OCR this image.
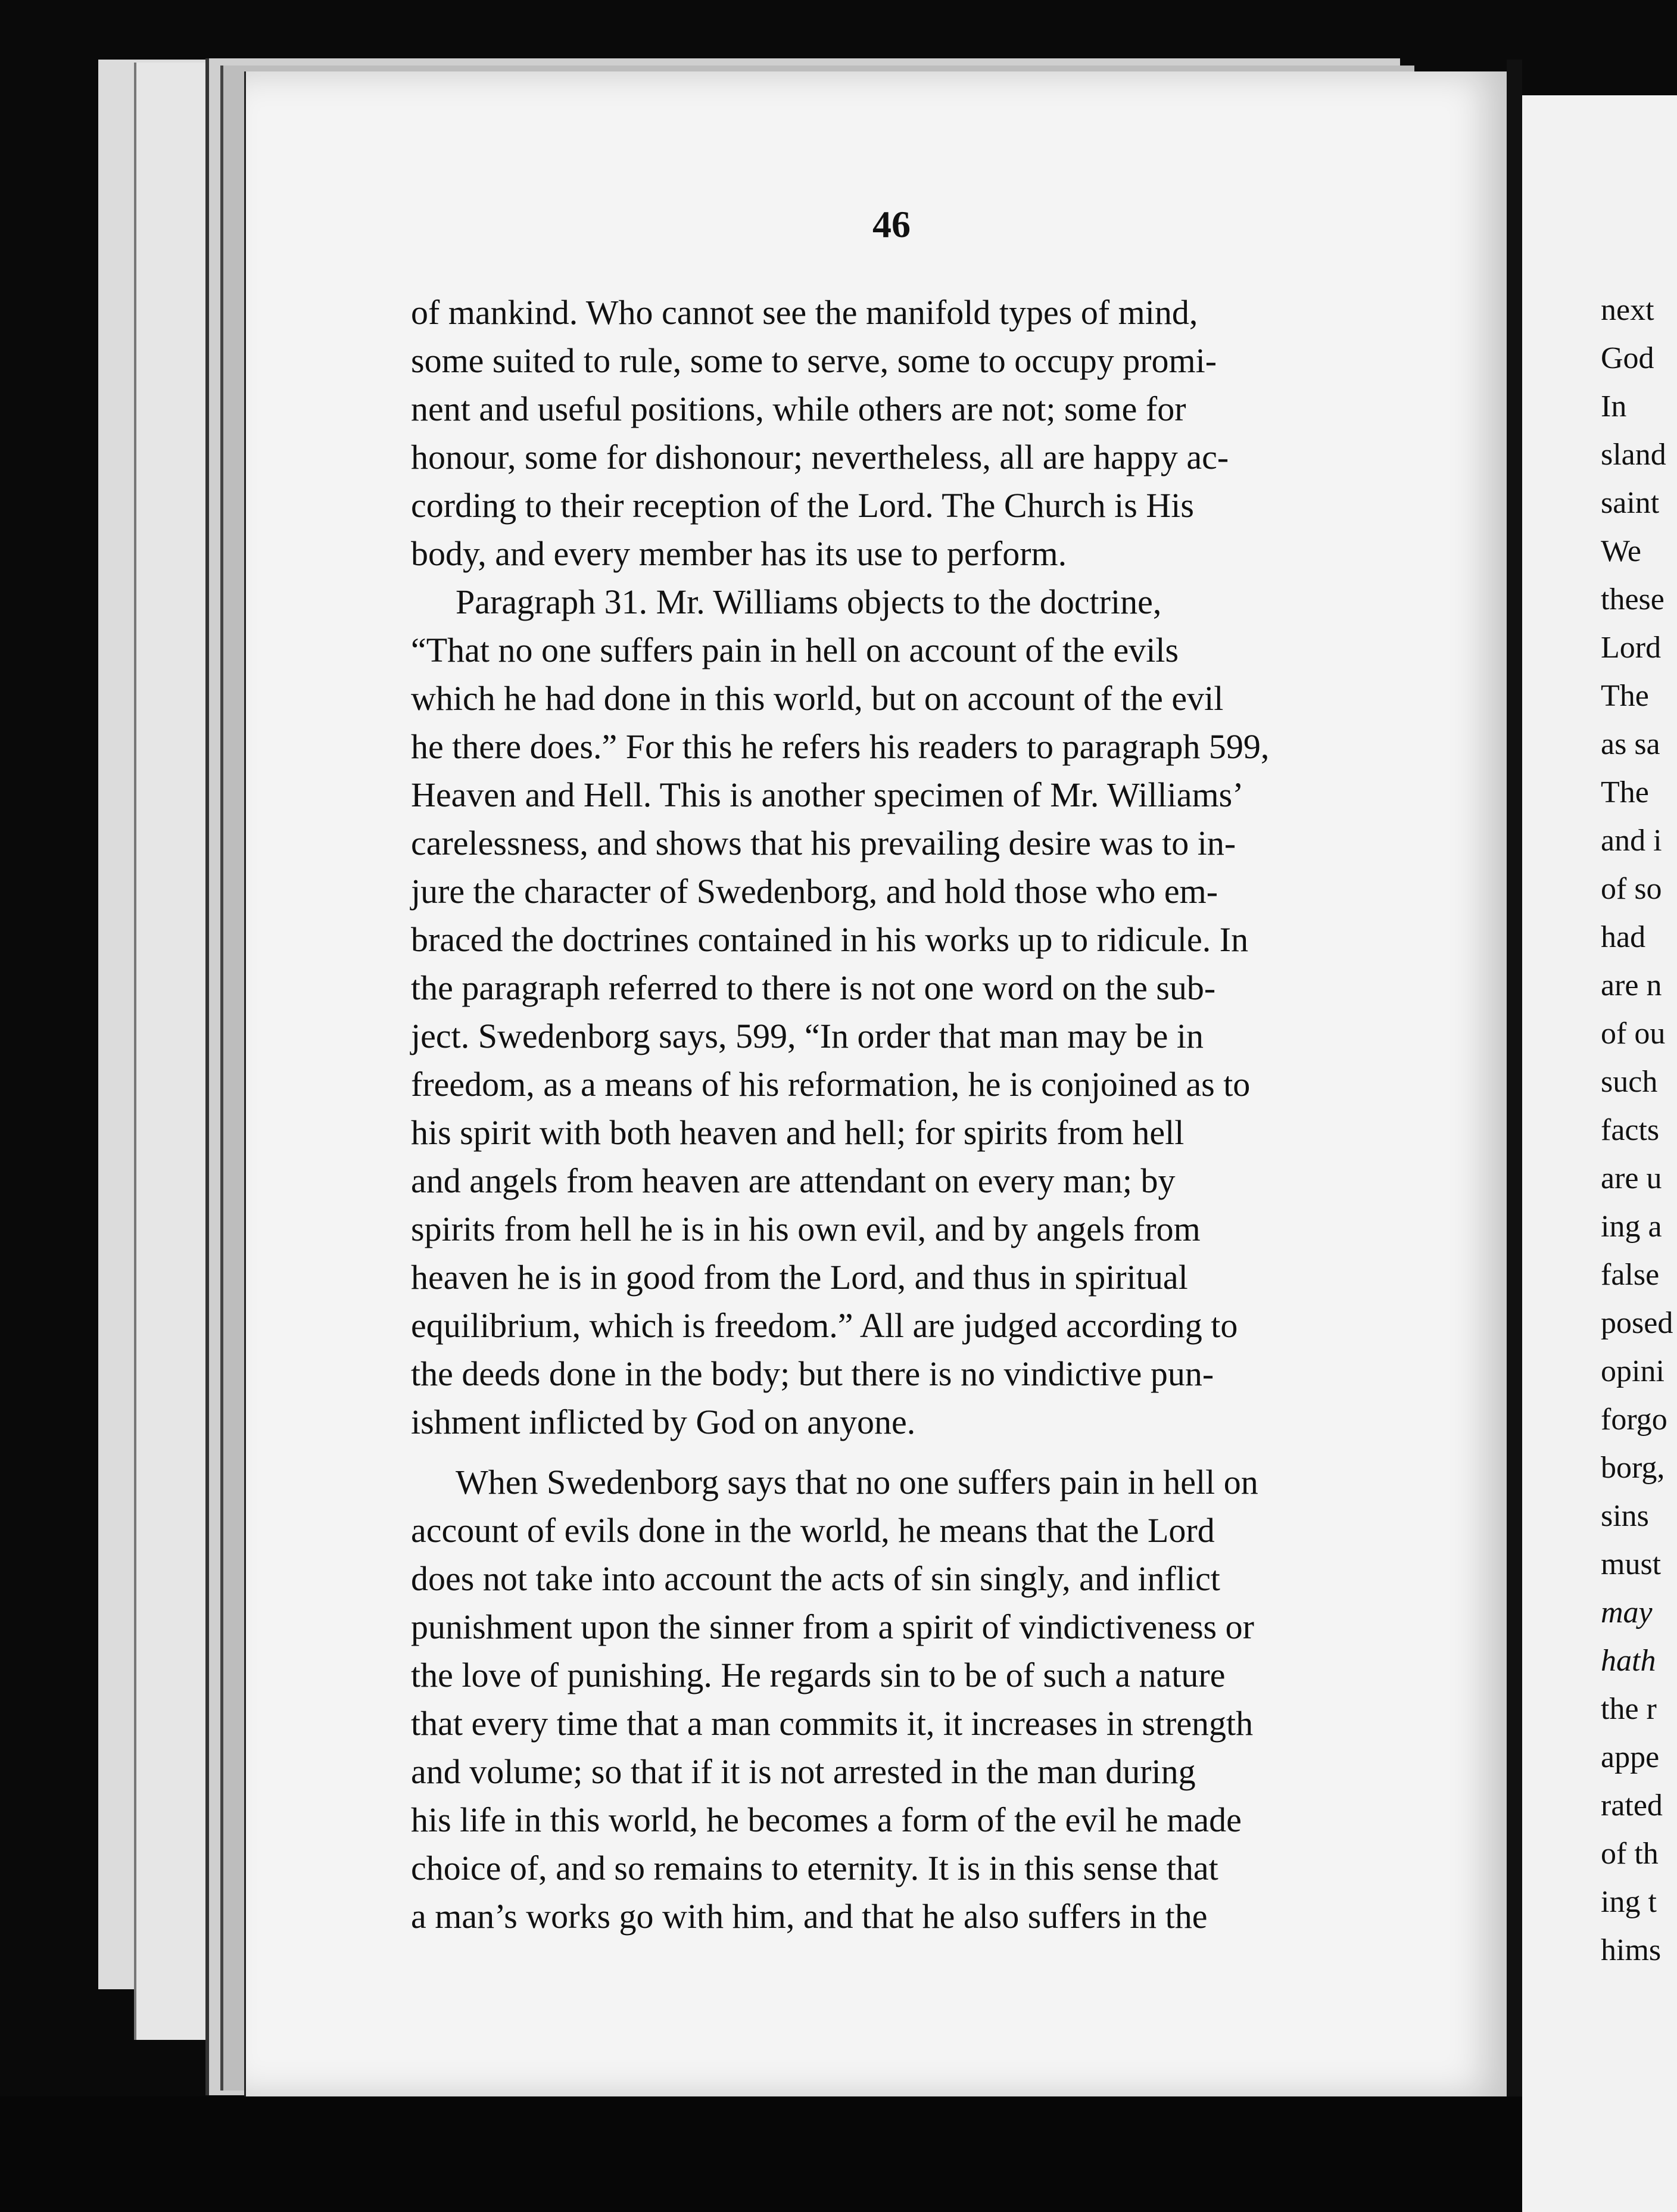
46
of mankind. Who cannot see the manifold types of mind,
some suited to rule, some to serve, some to occupy promi-
nent and useful positions, while others are not; some for
honour, some for dishonour; nevertheless, all are happy ac-
cording to their reception of the Lord. The Church is His
body, and every member has its use to perform.
Paragraph 31. Mr. Williams objects to the doctrine,
“That no one suffers pain in hell on account of the evils
which he had done in this world, but on account of the evil
he there does.” For this he refers his readers to paragraph 599,
Heaven and Hell. This is another specimen of Mr. Williams’
carelessness, and shows that his prevailing desire was to in-
jure the character of Swedenborg, and hold those who em-
braced the doctrines contained in his works up to ridicule. In
the paragraph referred to there is not one word on the sub-
ject. Swedenborg says, 599, “In order that man may be in
freedom, as a means of his reformation, he is conjoined as to
his spirit with both heaven and hell; for spirits from hell
and angels from heaven are attendant on every man; by
spirits from hell he is in his own evil, and by angels from
heaven he is in good from the Lord, and thus in spiritual
equilibrium, which is freedom.” All are judged according to
the deeds done in the body; but there is no vindictive pun-
ishment inflicted by God on anyone.
When Swedenborg says that no one suffers pain in hell on
account of evils done in the world, he means that the Lord
does not take into account the acts of sin singly, and inflict
punishment upon the sinner from a spirit of vindictiveness or
the love of punishing. He regards sin to be of such a nature
that every time that a man commits it, it increases in strength
and volume; so that if it is not arrested in the man during
his life in this world, he becomes a form of the evil he made
choice of, and so remains to eternity. It is in this sense that
a man’s works go with him, and that he also suffers in the
next
God
In
sland
saint
We
these
Lord
The
as sa
The
and i
of so
had
are n
of ou
such
facts
are u
ing a
false
posed
opini
forgo
borg,
sins
must
may
hath
the r
appe
rated
of th
ing t
hims
